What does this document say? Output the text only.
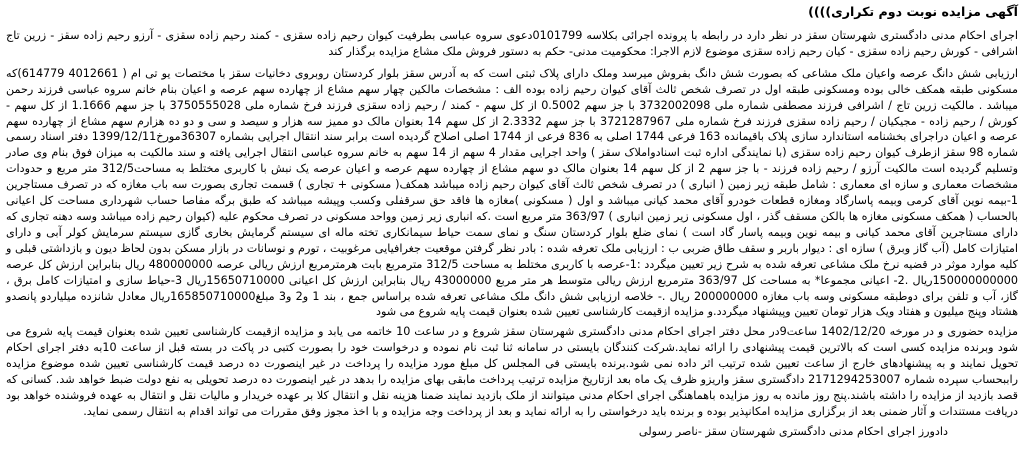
آگهی مزایده نوبت دوم تکراری))))
اجرای احکام مدنی دادگستری شهرستان سقز در نظر دارد در رابطه با پرونده اجرائی بکلاسه 0101799دعوی سروه عباسی بطرفیت کیوان رحیم زاده سقزی - کمند رحیم زاده سقزی - آرزو رحیم زاده سقز - زرین تاج اشرافی - کورش رحیم زاده سقزی - کیان رحیم زاده سقزی موضوع لازم الاجرا: محکومیت مدنی- حکم به دستور فروش ملک مشاع مزایده برگذار کند
ارزیابی شش دانگ عرصه واعیان ملک مشاعی که بصورت شش دانگ بفروش میرسد وملک دارای پلاک ثبتی است که به آدرس سقز بلوار کردستان روبروی دخانیات سقز با مختصات یو تی ام ( 4012661 614779)که مسکونی طبقه همکف خالی بوده ومسکونی طبقه اول در تصرف شخص ثالث آقای کیوان رحیم زاده بوده الف : مشخصات مالکین چهار سهم مشاع از چهارده سهم عرصه و اعیان بنام خانم سروه عباسی فرزند رحمن میباشد . مالکیت زرین تاج / اشرافی فرزند مصطفی شماره ملی 3732002098 با جز سهم 0.5002 از کل سهم - کمند / رحیم زاده سقزی فرزند فرخ شماره ملی 3750555028 با جز سهم 1.1666 از کل سهم - کورش / رحیم زاده - مجیکیان / رحیم زاده سقزی فرزند فرخ شماره ملی 3721287967 با جز سهم 2.3332 از کل سهم 14 بعنوان مالک دو ممیز سه هزار و سیصد و سی و دو ده هزارم سهم مشاع از چهارده سهم عرصه و اعیان دراجرای بخشنامه استاندارد سازی پلاک باقیمانده 163 فرعی 1744 اصلی به 836 فرعی از 1744 اصلی اصلاح گردیده است برابر سند انتقال اجرایی بشماره 36307مورخ1399/12/11 دفتر اسناد رسمی شماره 98 سقز ازطرف کیوان رحیم زاده سقزی (با نمایندگی اداره ثبت اسنادواملاک سقز ) واحد اجرایی مقدار 4 سهم از 14 سهم به خانم سروه عباسی انتقال اجرایی یافته و سند مالکیت به میزان فوق بنام وی صادر وتسلیم گردیده است مالکیت آرزو / رحیم زاده فرزند - با جز سهم 2 از کل سهم 14 بعنوان مالک دو سهم مشاع از چهارده سهم عرصه و اعیان عرصه یک نبش با کاربری مختلط به مساحت312/5 متر مربع و حدودات مشخصات معماری و سازه ای معماری : شامل طبقه زیر زمین ( انباری ) در تصرف شخص ثالث آقای کیوان رحیم زاده میباشد همکف( مسکونی + تجاری ) قسمت تجاری بصورت سه باب مغازه که در تصرف مستاجرین 1-بیمه نوین آقای کرمی وبیمه پاسارگاد ومغازه قطعات خودرو آقای محمد کیانی میباشد و اول ( مسکونی )مغازه ها فاقد حق سرقفلی وکسب وپیشه میباشد که طبق برگه مفاصا حساب شهرداری مساحت کل اعیانی بالحساب ( همکف مسکونی مغازه ها بالکن مسقف گذر ، اول مسکونی زیر زمین انباری ) 363/97 متر مربع است .که انباری زیر زمین وواحد مسکونی در تصرف محکوم علیه (کیوان رحیم زاده میباشد وسه دهنه تجاری که دارای مستاجرین آقای محمد کیانی و بیمه نوین وبیمه پاسار گاد است ) نمای ضلع بلوار کردستان سنگ و نمای سمت حیاط سیمانکاری تخته ماله ای سیستم گرمایش بخاری گازی سیستم سرمایش کولر آبی و دارای امتیازات کامل (آب گاز وبرق ) سازه ای : دیوار باربر و سقف طاق ضربی ب : ارزیابی ملک تعرفه شده : بادر نظر گرفتن موقعیت جغرافیایی مرغوبیت ، تورم و نوسانات در بازار مسکن بدون لحاظ دیون و بازداشتی قبلی و کلیه موارد موثر در قضیه نرخ ملک مشاعی تعرفه شده به شرح زیر تعیین میگردد :1-عرصه با کاربری مختلط به مساحت 312/5 مترمربع بابت هرمترمربع ارزش ریالی عرصه 480000000 ریال بنابراین ارزش کل عرصه 150000000000ریال .2- اعیانی مجموعا* به مساحت کل 363/97 مترمربع ارزش ریالی متوسط هر متر مربع 43000000 ریال بنابراین ارزش کل اعیانی 15650710000ریال 3-حیاط سازی و امتیازات کامل برق ، گاز، آب و تلفن برای دوطبقه مسکونی وسه باب مغازه 200000000 ریال .- خلاصه ارزیابی شش دانگ ملک مشاعی تعرفه شده براساس جمع ، بند 1 و2 و3 مبلغ165850710000ریال معادل شانزده میلیاردو پانصدو هشتاد وپنج میلیون و هفتاد ویک هزار تومان تعیین وپیشنهاد میگردد.و مزایده ازقیمت کارشناسی تعیین شده بعنوان قیمت پایه شروع می شود
مزایده حضوری و در مورخه 1402/12/20 ساعت9در محل دفتر اجرای احکام مدنی دادگستری شهرستان سقز شروع و در ساعت 10 خاتمه می یابد و مزایده ازقیمت کارشناسی تعیین شده بعنوان قیمت پایه شروع می شود وبرنده مزایده کسی است که بالاترین قیمت پیشنهادی را ارائه نماید.شرکت کنندگان بایستی در سامانه ثنا ثبت نام نموده و درخواست خود را بصورت کتبی در پاکت در بسته قبل از ساعت 10به دفتر اجرای احکام تحویل نمایند و به پیشنهادهای خارج از ساعت تعیین شده ترتیب اثر داده نمی شود.برنده بایستی فی المجلس کل مبلغ مورد مزایده را پرداخت در غیر اینصورت ده درصد قیمت کارشناسی تعیین شده موضوع مزایده راببحساب سپرده شماره 2171294253007 دادگستری سقز واریزو ظرف یک ماه بعد ازتاریخ مزایده ترتیب پرداخت مابقی بهای مزایده را بدهد در غیر اینصورت ده درصد تحویلی به نفع دولت ضبط خواهد شد. کسانی که قصد بازدید از مزایده را داشته باشند.پنج روز مانده به روز مزایده باهماهنگی اجرای احکام مدنی میتوانند از ملک بازدید نمایند ضمنا هزینه نقل و انتقال کلا بر عهده خریدار و مالیات نقل و انتقال به عهده فروشنده خواهد بود دریافت مستندات و آثار ضمنی بعد از برگزاری مزایده امکانپذیر بوده و برنده باید درخواستی را به ارائه نماید و بعد از پرداخت وجه مزایده و با اخذ مجوز وفق مقررات می تواند اقدام به انتقال رسمی نماید.
دادورز اجرای احکام مدنی دادگستری شهرستان سقز -ناصر رسولی
